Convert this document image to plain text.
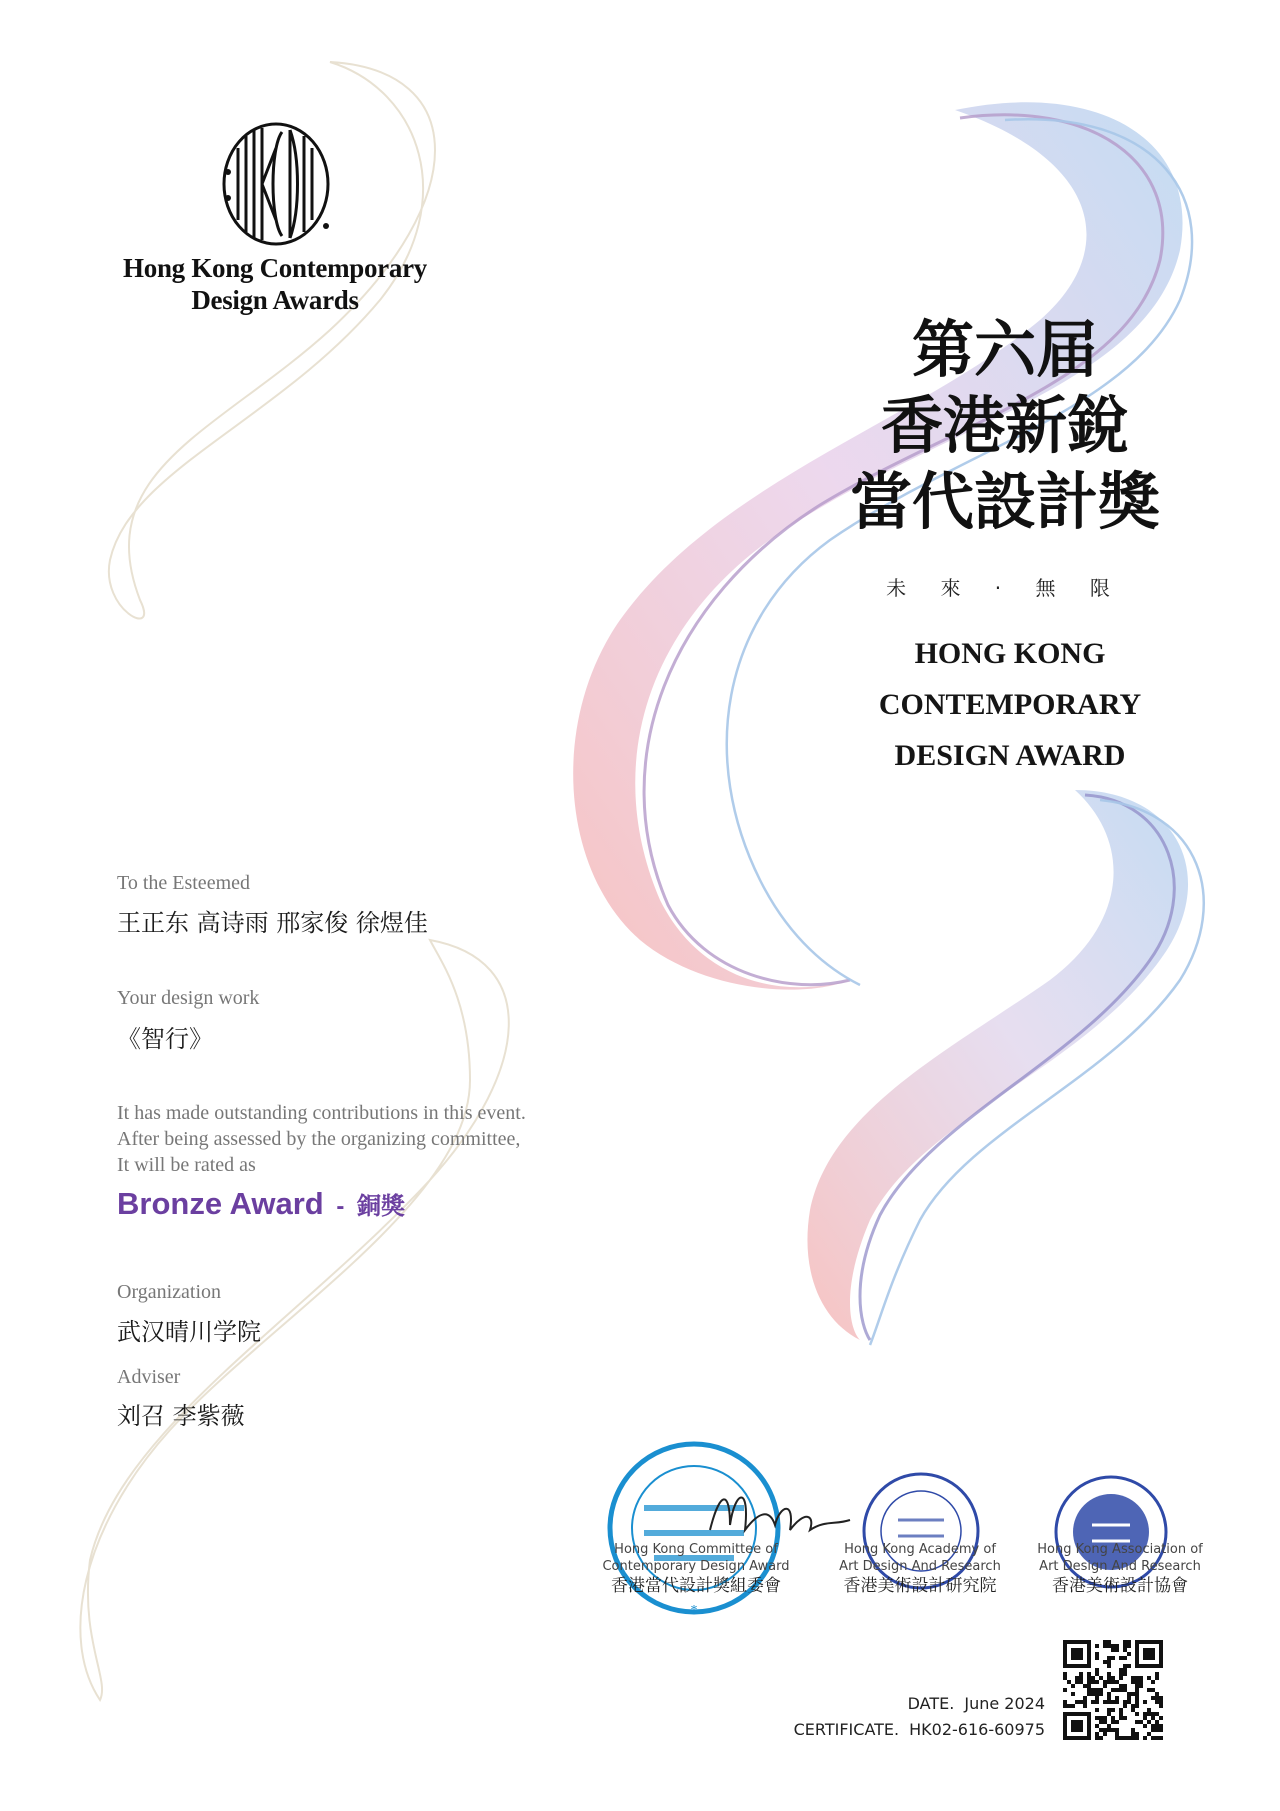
Hong Kong Contemporary
Design Awards
第六届
香港新銳
當代設計獎
未 來 · 無 限
HONG KONG
CONTEMPORARY
DESIGN AWARD
To the Esteemed
王正东 高诗雨 邢家俊 徐煜佳
Your design work
《智行》
It has made outstanding contributions in this event.
After being assessed by the organizing committee,
It will be rated as
Bronze Award - 銅獎
Organization
武汉晴川学院
Adviser
刘召 李紫薇
*
Hong Kong Committee of
Contemporary Design Award
香港當代設計獎組委會
Hong Kong Academy of
Art Design And Research
香港美術設計研究院
Hong Kong Association of
Art Design And Research
香港美術設計協會
DATE. June 2024
CERTIFICATE. HK02-616-60975
